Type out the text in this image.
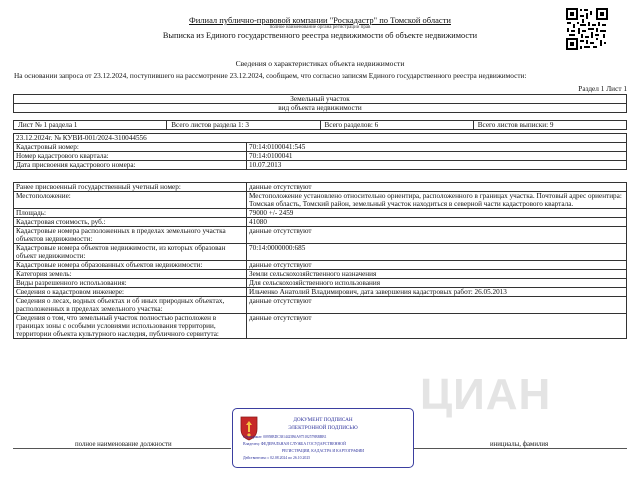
Филиал публично-правовой компании "Роскадастр" по Томской области
полное наименование органа регистрации прав
Выписка из Единого государственного реестра недвижимости об объекте недвижимости
Сведения о характеристиках объекта недвижимости
На основании запроса от 23.12.2024, поступившего на рассмотрение 23.12.2024, сообщаем, что согласно записям Единого государственного реестра недвижимости:
Раздел 1 Лист 1
Земельный участок
вид объекта недвижимости
Лист № 1 раздела 1	Всего листов раздела 1: 3	Всего разделов: 6	Всего листов выписки: 9
23.12.2024г. № КУВИ-001/2024-310044556	
Кадастровый номер:	70:14:0100041:545
Номер кадастрового квартала:	70:14:0100041
Дата присвоения кадастрового номера:	10.07.2013
Ранее присвоенный государственный учетный номер:	данные отсутствуют
Местоположение:	Местоположение установлено относительно ориентира, расположенного в границах участка. Почтовый адрес ориентира: Томская область, Томский район, земельный участок находиться в северной части кадастрового квартала.
Площадь:	79000 +/- 2459
Кадастровая стоимость, руб.:	41080
Кадастровые номера расположенных в пределах земельного участка объектов недвижимости:	данные отсутствуют
Кадастровые номера объектов недвижимости, из которых образован объект недвижимости:	70:14:0000000:685
Кадастровые номера образованных объектов недвижимости:	данные отсутствуют
Категория земель:	Земли сельскохозяйственного назначения
Виды разрешенного использования:	Для сельскохозяйственного использования
Сведения о кадастровом инженере:	Ильченко Анатолий Владимирович, дата завершения кадастровых работ: 26.05.2013
Сведения о лесах, водных объектах и об иных природных объектах, расположенных в пределах земельного участка:	данные отсутствуют
Сведения о том, что земельный участок полностью расположен в границах зоны с особыми условиями использования территории, территории объекта культурного наследия, публичного сервитута:	данные отсутствуют
ЦИАН
полное наименование должности	инициалы, фамилия
ДОКУМЕНТ ПОДПИСАН
ЭЛЕКТРОННОЙ ПОДПИСЬЮ
Сертификат: 00958BDC3814425B6A975182579BBBB1
Владелец: ФЕДЕРАЛЬНАЯ СЛУЖБА ГОСУДАРСТВЕННОЙ
РЕГИСТРАЦИИ, КАДАСТРА И КАРТОГРАФИИ
Действителен: с 02.08.2024 по 26.10.2025
